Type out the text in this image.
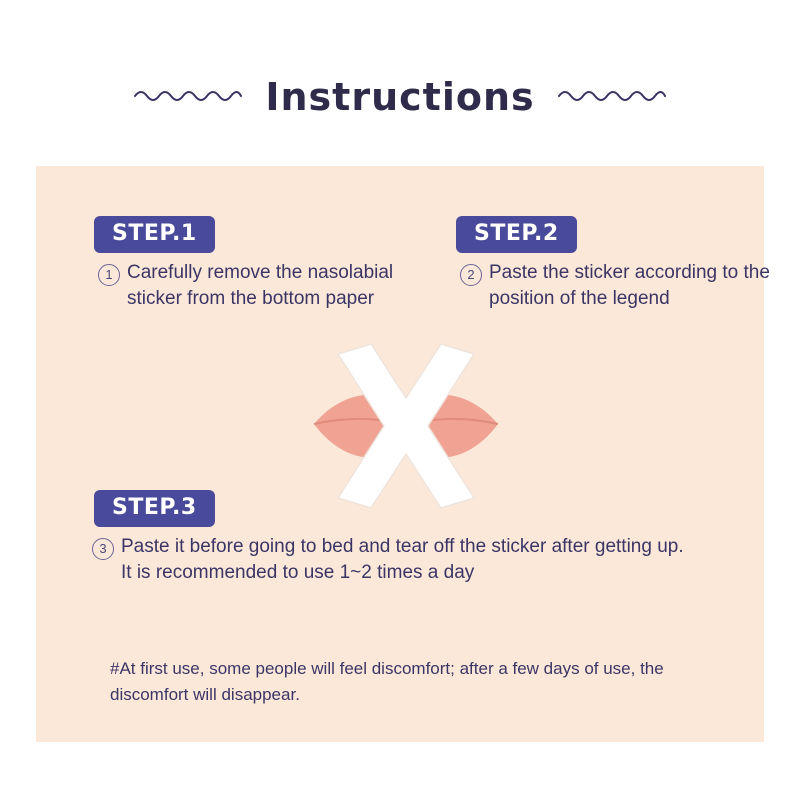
Instructions
STEP.1	STEP.2
STEP.3
1 Carefully remove the nasolabial sticker from the bottom paper
2 Paste the sticker according to the position of the legend
3 Paste it before going to bed and tear off the sticker after getting up. It is recommended to use 1~2 times a day
#At first use, some people will feel discomfort; after a few days of use, the discomfort will disappear.
